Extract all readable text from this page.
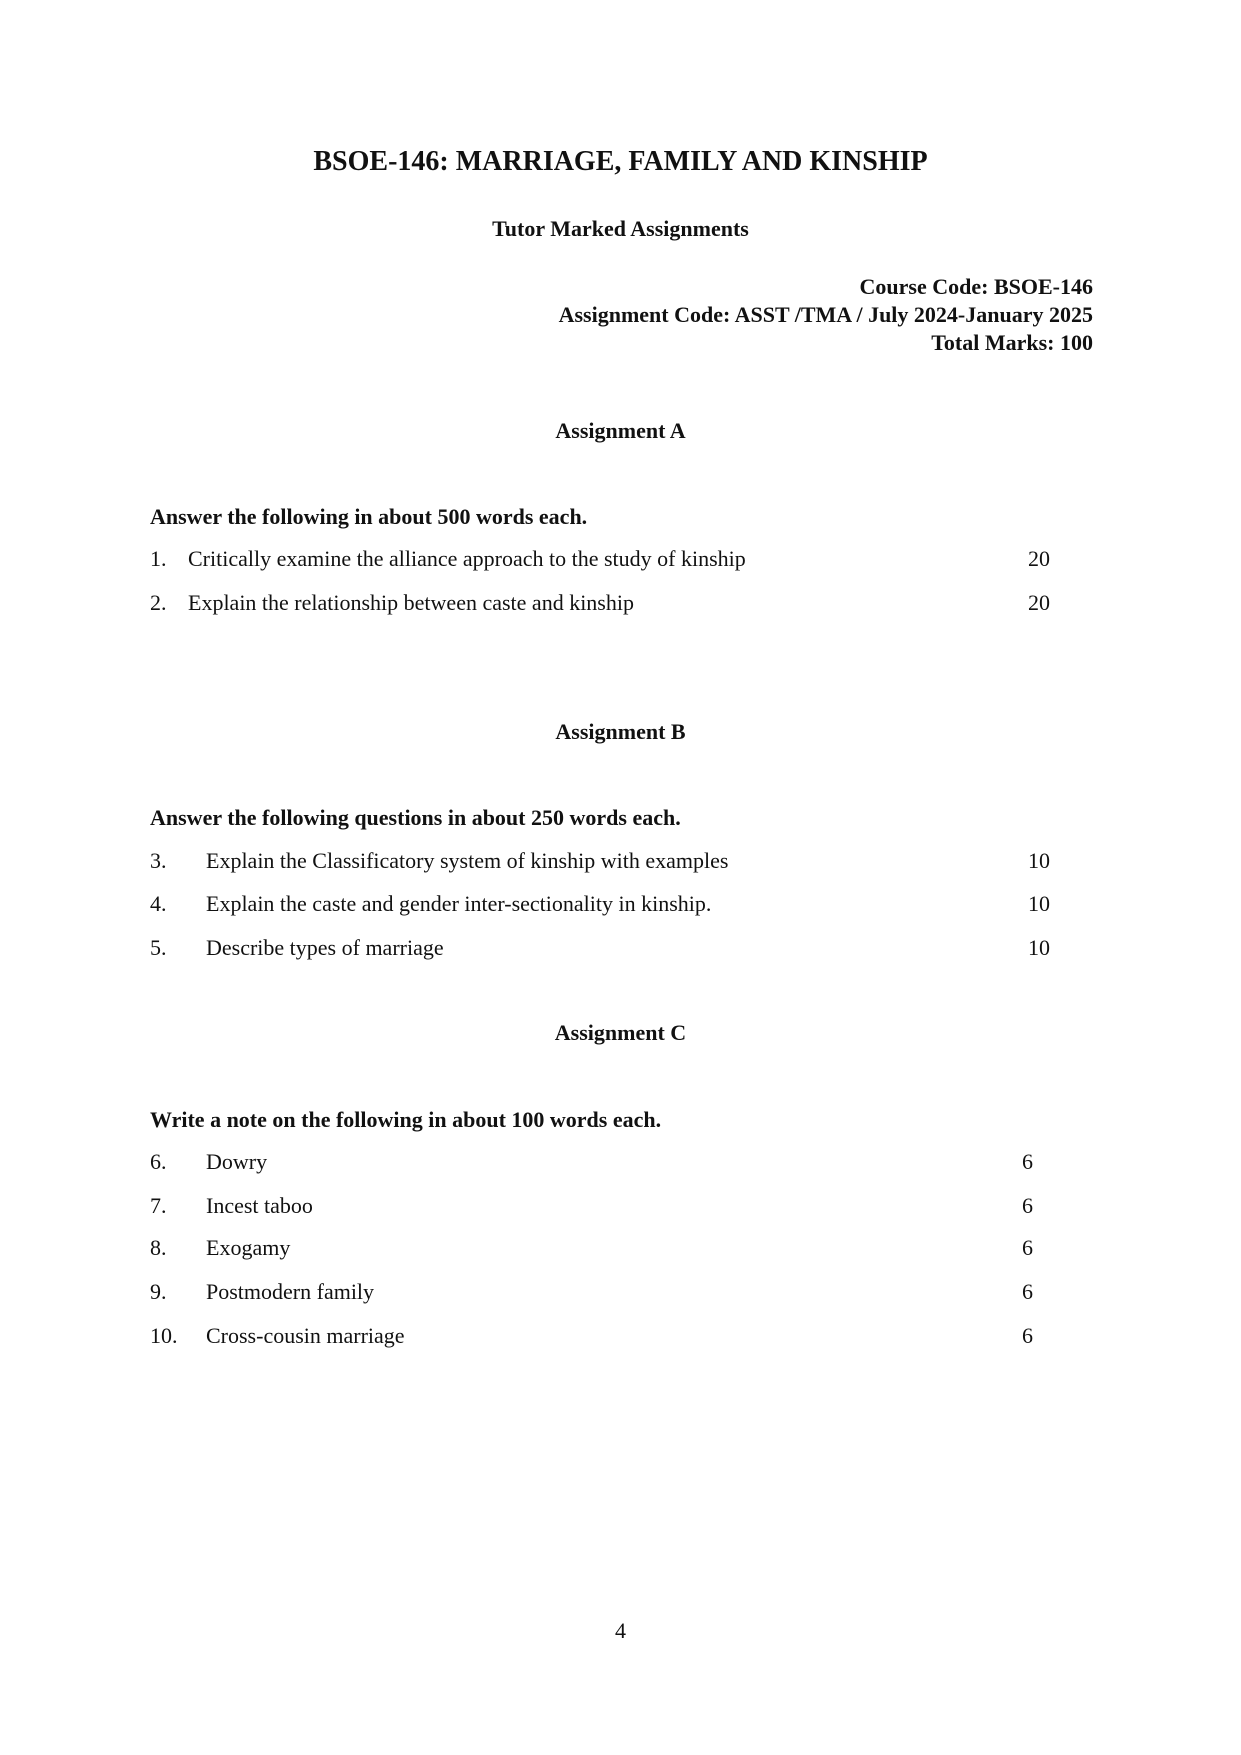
BSOE-146: MARRIAGE, FAMILY AND KINSHIP
Tutor Marked Assignments
Course Code: BSOE-146
Assignment Code: ASST /TMA / July 2024-January 2025
Total Marks: 100
Assignment A
Answer the following in about 500 words each.
1. Critically examine the alliance approach to the study of kinship	20
2. Explain the relationship between caste and kinship	20
Assignment B
Answer the following questions in about 250 words each.
3. Explain the Classificatory system of kinship with examples	10
4. Explain the caste and gender inter-sectionality in kinship.	10
5. Describe types of marriage	10
Assignment C
Write a note on the following in about 100 words each.
6. Dowry	6
7. Incest taboo	6
8. Exogamy	6
9. Postmodern family	6
10. Cross-cousin marriage	6
4
